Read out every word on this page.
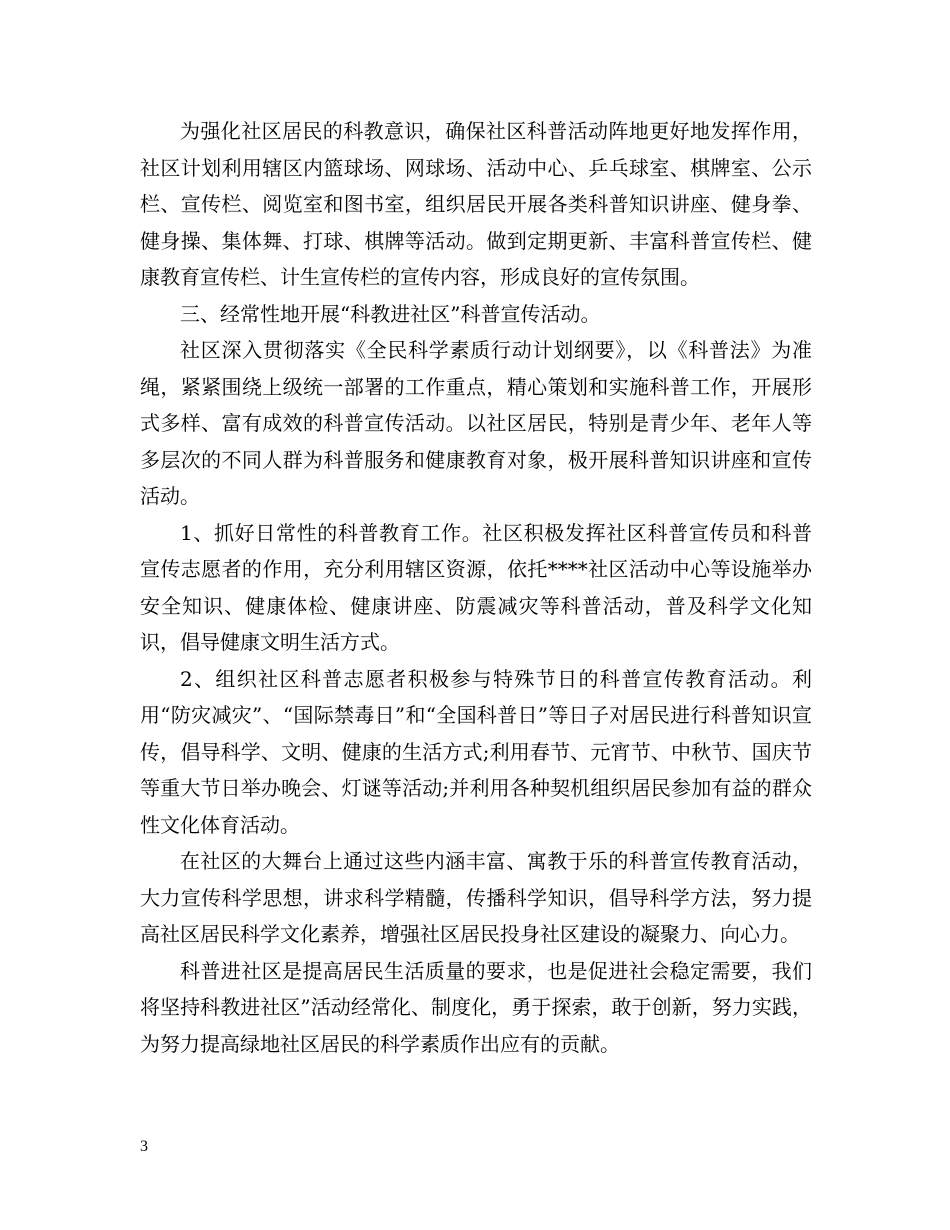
为强化社区居民的科教意识，确保社区科普活动阵地更好地发挥作用，社区计划利用辖区内篮球场、网球场、活动中心、乒乓球室、棋牌室、公示栏、宣传栏、阅览室和图书室，组织居民开展各类科普知识讲座、健身拳、健身操、集体舞、打球、棋牌等活动。做到定期更新、丰富科普宣传栏、健康教育宣传栏、计生宣传栏的宣传内容，形成良好的宣传氛围。

三、经常性地开展“科教进社区”科普宣传活动。

社区深入贯彻落实《全民科学素质行动计划纲要》，以《科普法》为准绳，紧紧围绕上级统一部署的工作重点，精心策划和实施科普工作，开展形式多样、富有成效的科普宣传活动。以社区居民，特别是青少年、老年人等多层次的不同人群为科普服务和健康教育对象，极开展科普知识讲座和宣传活动。

1、抓好日常性的科普教育工作。社区积极发挥社区科普宣传员和科普宣传志愿者的作用，充分利用辖区资源，依托****社区活动中心等设施举办安全知识、健康体检、健康讲座、防震减灾等科普活动，普及科学文化知识，倡导健康文明生活方式。

2、组织社区科普志愿者积极参与特殊节日的科普宣传教育活动。利用“防灾减灾”、“国际禁毒日”和“全国科普日”等日子对居民进行科普知识宣传，倡导科学、文明、健康的生活方式;利用春节、元宵节、中秋节、国庆节等重大节日举办晚会、灯谜等活动;并利用各种契机组织居民参加有益的群众性文化体育活动。

在社区的大舞台上通过这些内涵丰富、寓教于乐的科普宣传教育活动，大力宣传科学思想，讲求科学精髓，传播科学知识，倡导科学方法，努力提高社区居民科学文化素养，增强社区居民投身社区建设的凝聚力、向心力。

科普进社区是提高居民生活质量的要求，也是促进社会稳定需要，我们将坚持科教进社区”活动经常化、制度化，勇于探索，敢于创新，努力实践，为努力提高绿地社区居民的科学素质作出应有的贡献。

3
